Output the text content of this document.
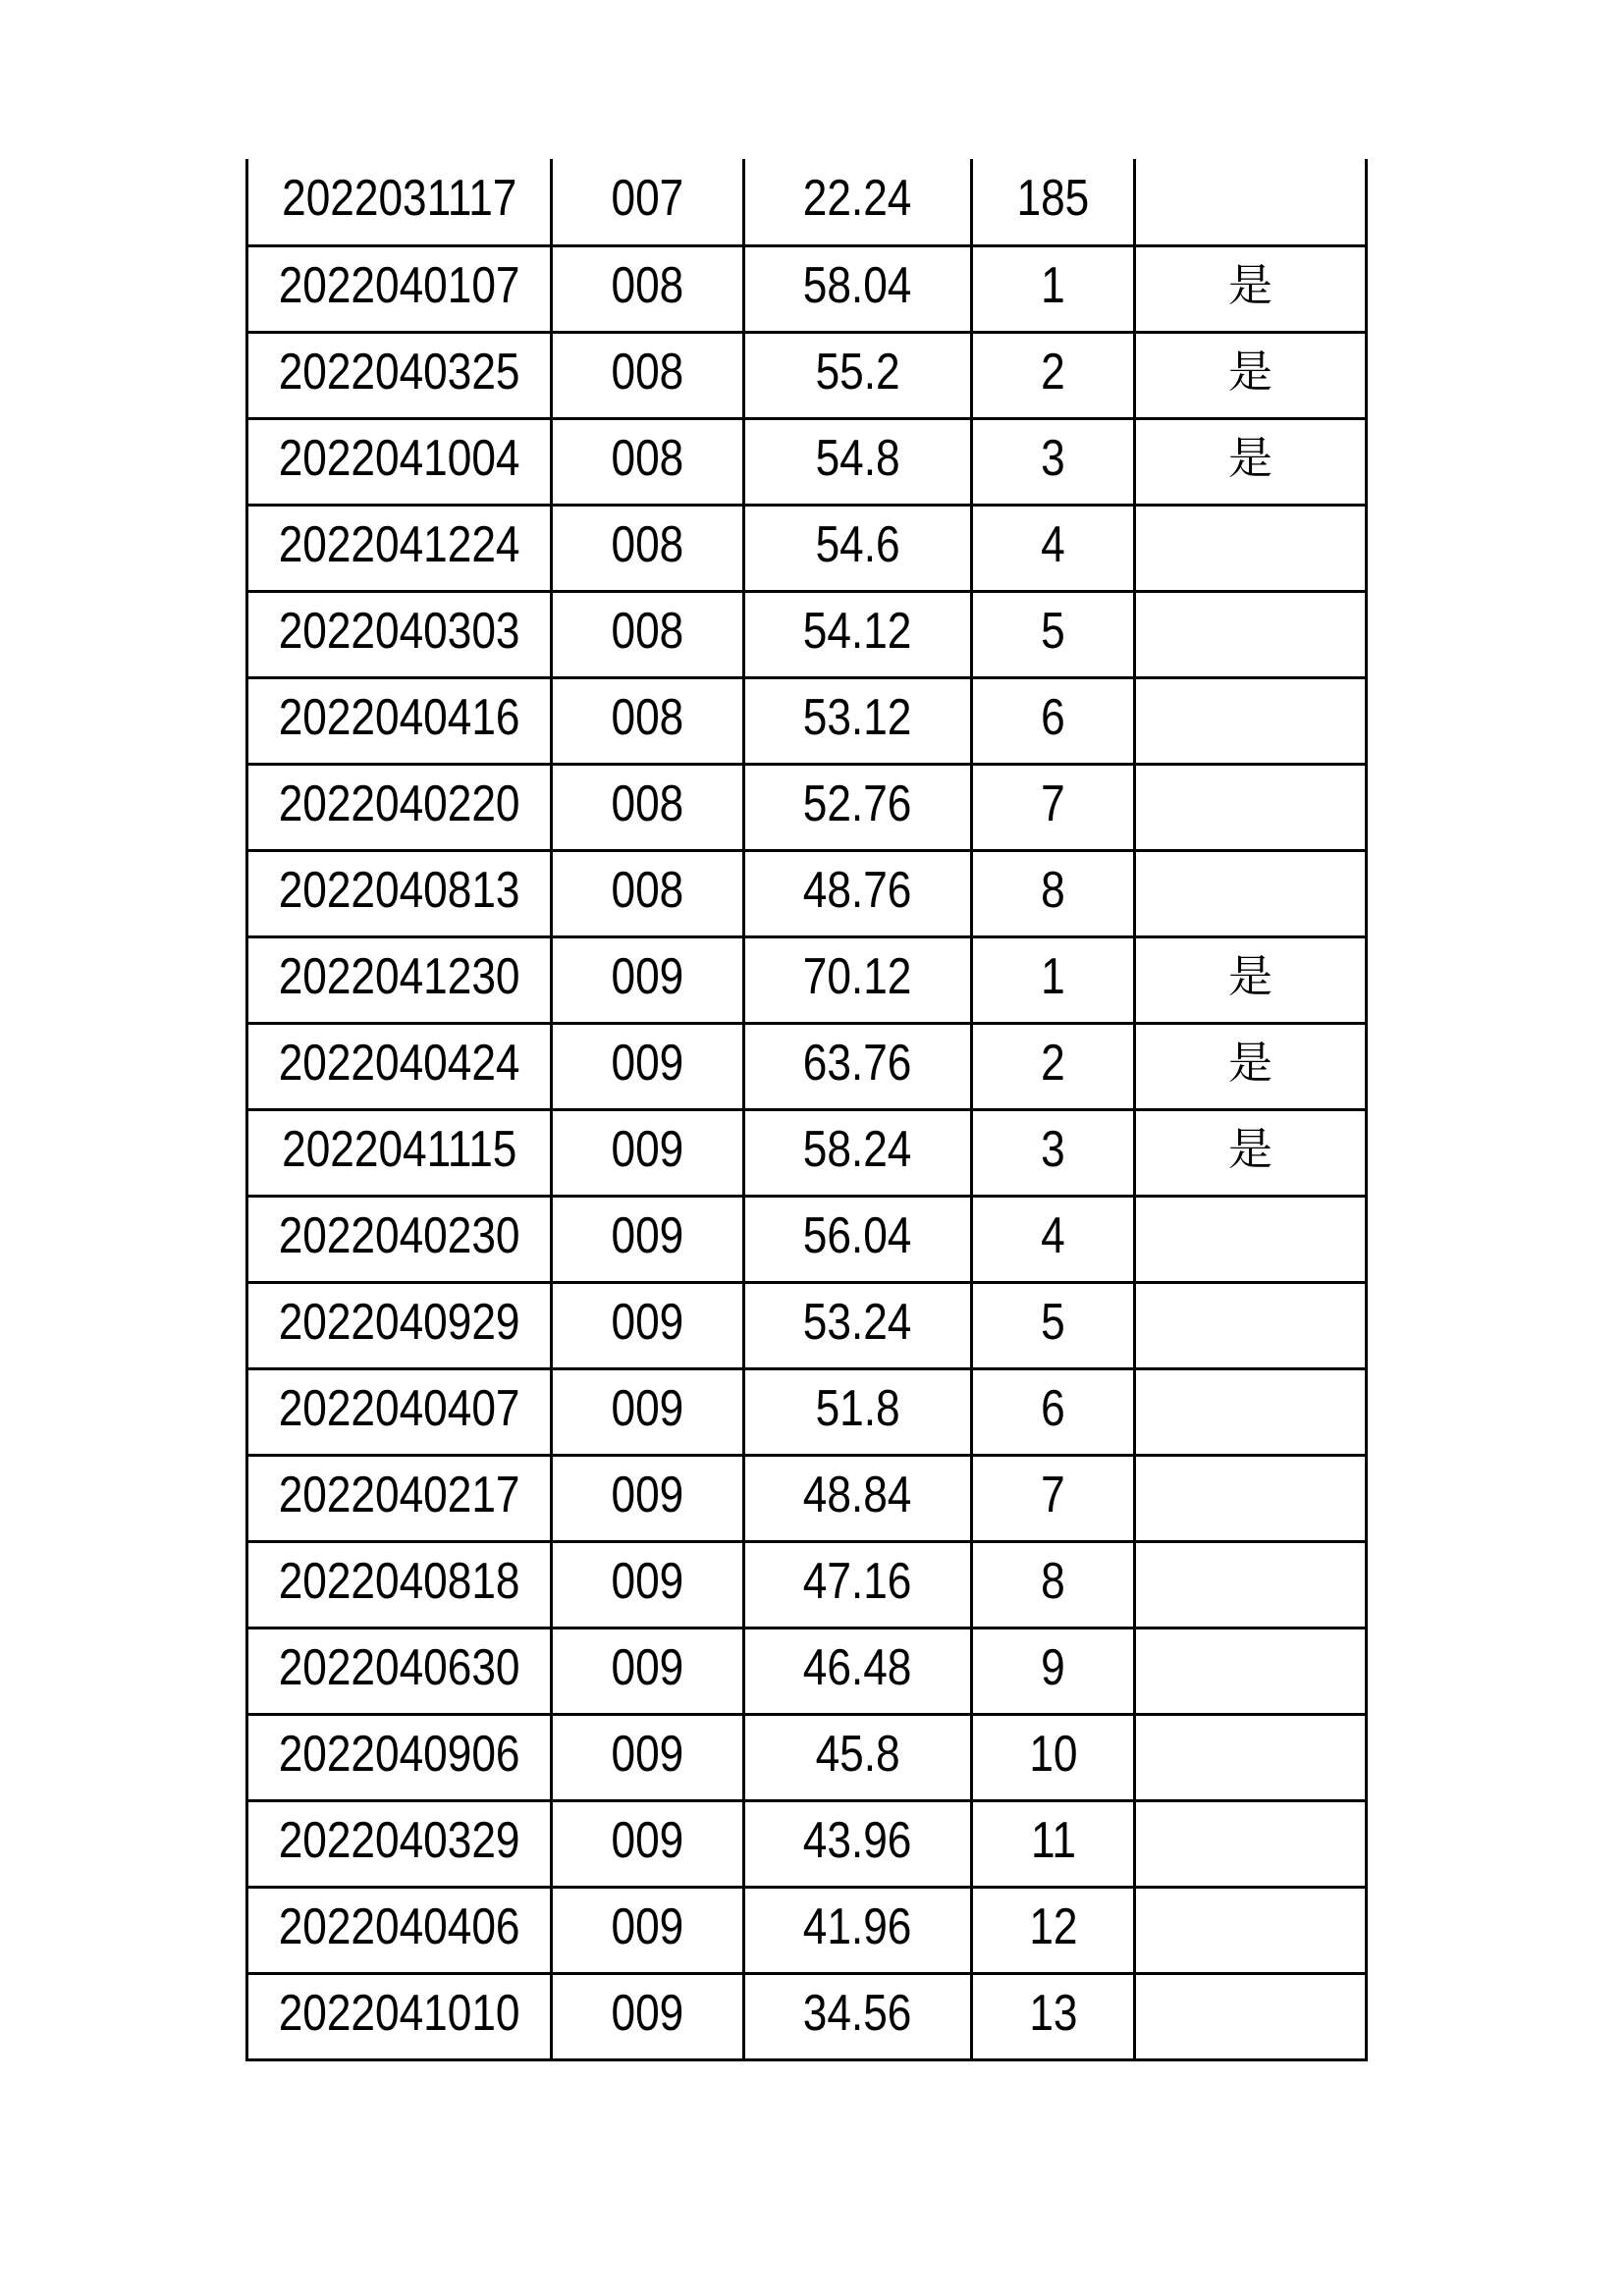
2022031117	007	22.24	185	
2022040107	008	58.04	1	是
2022040325	008	55.2	2	是
2022041004	008	54.8	3	是
2022041224	008	54.6	4	
2022040303	008	54.12	5	
2022040416	008	53.12	6	
2022040220	008	52.76	7	
2022040813	008	48.76	8	
2022041230	009	70.12	1	是
2022040424	009	63.76	2	是
2022041115	009	58.24	3	是
2022040230	009	56.04	4	
2022040929	009	53.24	5	
2022040407	009	51.8	6	
2022040217	009	48.84	7	
2022040818	009	47.16	8	
2022040630	009	46.48	9	
2022040906	009	45.8	10	
2022040329	009	43.96	11	
2022040406	009	41.96	12	
2022041010	009	34.56	13	
